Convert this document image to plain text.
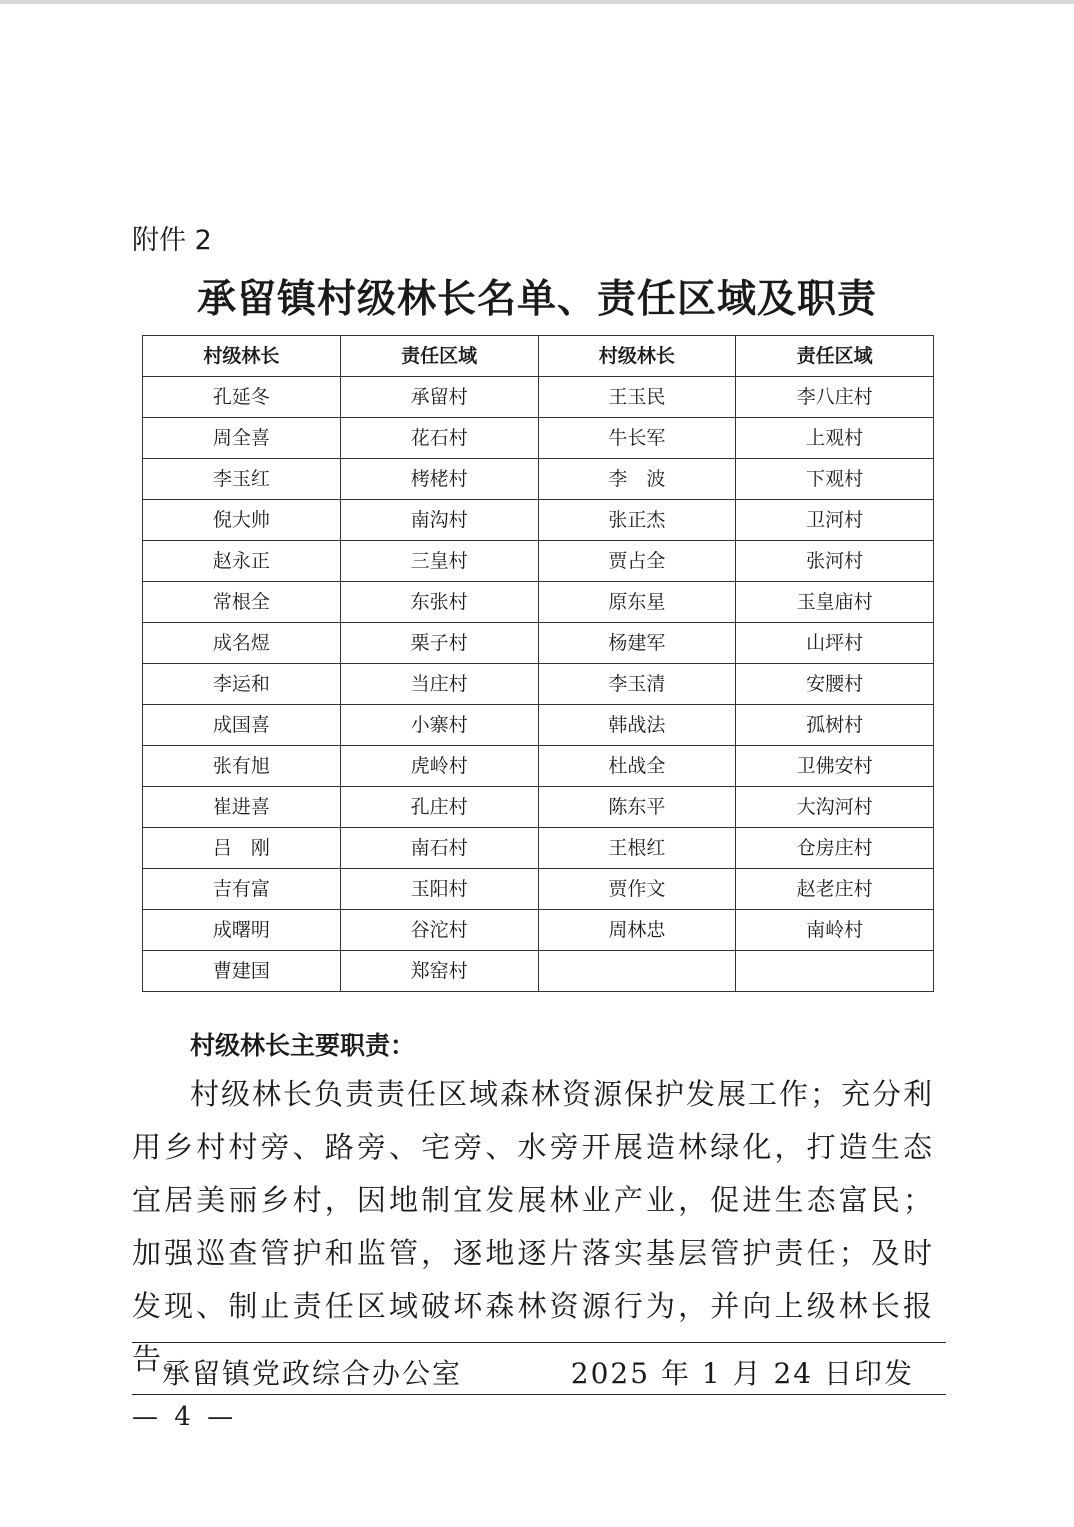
附件 2
承留镇村级林长名单、责任区域及职责
村级林长	责任区域	村级林长	责任区域
孔延冬	承留村	王玉民	李八庄村
周全喜	花石村	牛长军	上观村
李玉红	栲栳村	李　波	下观村
倪大帅	南沟村	张正杰	卫河村
赵永正	三皇村	贾占全	张河村
常根全	东张村	原东星	玉皇庙村
成名煜	栗子村	杨建军	山坪村
李运和	当庄村	李玉清	安腰村
成国喜	小寨村	韩战法	孤树村
张有旭	虎岭村	杜战全	卫佛安村
崔进喜	孔庄村	陈东平	大沟河村
吕　刚	南石村	王根红	仓房庄村
吉有富	玉阳村	贾作文	赵老庄村
成曙明	谷沱村	周林忠	南岭村
曹建国	郑窑村		
村级林长主要职责：
村级林长负责责任区域森林资源保护发展工作；充分利用乡村村旁、路旁、宅旁、水旁开展造林绿化，打造生态宜居美丽乡村，因地制宜发展林业产业，促进生态富民；加强巡查管护和监管，逐地逐片落实基层管护责任；及时发现、制止责任区域破坏森林资源行为，并向上级林长报告。
承留镇党政综合办公室	2025 年 1 月 24 日印发
— 4 —
